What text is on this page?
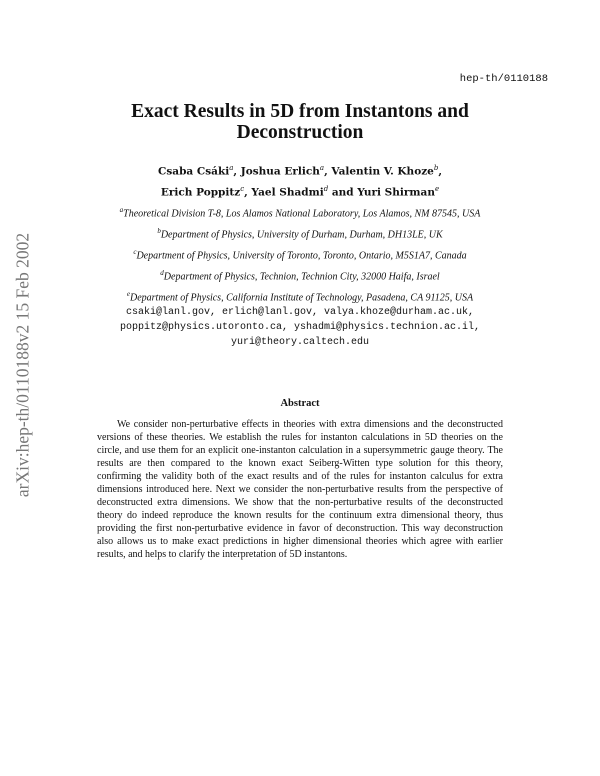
arXiv:hep-th/0110188v2 15 Feb 2002
hep-th/0110188
Exact Results in 5D from Instantons and
Deconstruction
Csaba Csáki$^a$, Joshua Erlich$^a$, Valentin V. Khoze$^b$,
Erich Poppitz$^c$, Yael Shadmi$^d$ and Yuri Shirman$^e$
$^a$Theoretical Division T-8, Los Alamos National Laboratory, Los Alamos, NM 87545, USA
$^b$Department of Physics, University of Durham, Durham, DH13LE, UK
$^c$Department of Physics, University of Toronto, Toronto, Ontario, M5S1A7, Canada
$^d$Department of Physics, Technion, Technion City, 32000 Haifa, Israel
$^e$Department of Physics, California Institute of Technology, Pasadena, CA 91125, USA
csaki@lanl.gov, erlich@lanl.gov, valya.khoze@durham.ac.uk,
poppitz@physics.utoronto.ca, yshadmi@physics.technion.ac.il,
yuri@theory.caltech.edu
Abstract

We consider non-perturbative effects in theories with extra dimensions and the deconstructed versions of these theories. We establish the rules for instanton calculations in 5D theories on the circle, and use them for an explicit one-instanton calculation in a supersymmetric gauge theory. The results are then compared to the known exact Seiberg-Witten type solution for this theory, confirming the validity both of the exact results and of the rules for instanton calculus for extra dimensions introduced here. Next we consider the non-perturbative results from the perspective of deconstructed extra dimensions. We show that the non-perturbative results of the deconstructed theory do indeed reproduce the known results for the continuum extra dimensional theory, thus providing the first non-perturbative evidence in favor of deconstruction. This way deconstruction also allows us to make exact predictions in higher dimensional theories which agree with earlier results, and helps to clarify the interpretation of 5D instantons.
